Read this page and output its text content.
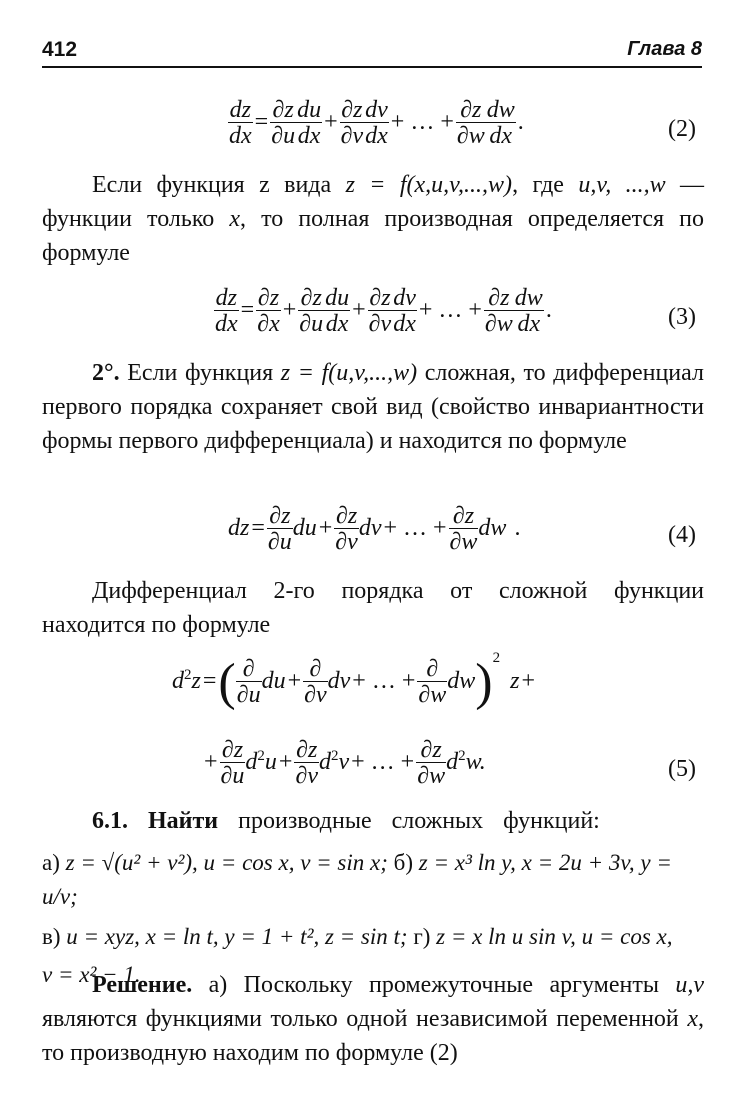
412	Глава 8
$\frac{dz}{dx} = \frac{\partial z}{\partial u} \frac{du}{dx} + \frac{\partial z}{\partial v} \frac{dv}{dx}$ + … + $\frac{\partial z}{\partial w} \frac{dw}{dx}$ .	(2)

Если функция z вида z = f(x,u,v,...,w), где u,v, ...,w — функции только x, то полная производная определяется по формуле

$\frac{dz}{dx} = \frac{\partial z}{\partial x} + \frac{\partial z}{\partial u} \frac{du}{dx} + \frac{\partial z}{\partial v} \frac{dv}{dx}$ + … + $\frac{\partial z}{\partial w} \frac{dw}{dx}$ .	(3)

2°. Если функция z = f(u,v,...,w) сложная, то дифференциал первого порядка сохраняет свой вид (свойство инвариантности формы первого дифференциала) и находится по формуле

$dz= \frac{\partial z}{\partial u} du+ \frac{\partial z}{\partial v} dv+$ … + $\frac{\partial z}{\partial w}$ dw .	(4)

Дифференциал 2-го порядка от сложной функции находится по формуле

$d^2z=( \frac{\partial}{\partial u} du+ \frac{\partial}{\partial v} dv+$ … + $\frac{\partial}{\partial w} dw)^2$ z+
+ $\frac{\partial z}{\partial u} d^2u+ \frac{\partial z}{\partial v} d^2v+$ … + $\frac{\partial z}{\partial w} d^2w$.	(5)

6.1. Найти производные сложных функций:

а) z = √(u² + v²), u = cos x, v = sin x; б) z = x³ ln y, x = 2u + 3v, y = u/v;
в) u = xyz, x = ln t, y = 1 + t², z = sin t; г) z = x ln u sin v, u = cos x,
v = x² − 1.

Решение. а) Поскольку промежуточные аргументы u,v являются функциями только одной независимой переменной x, то производную находим по формуле (2)
